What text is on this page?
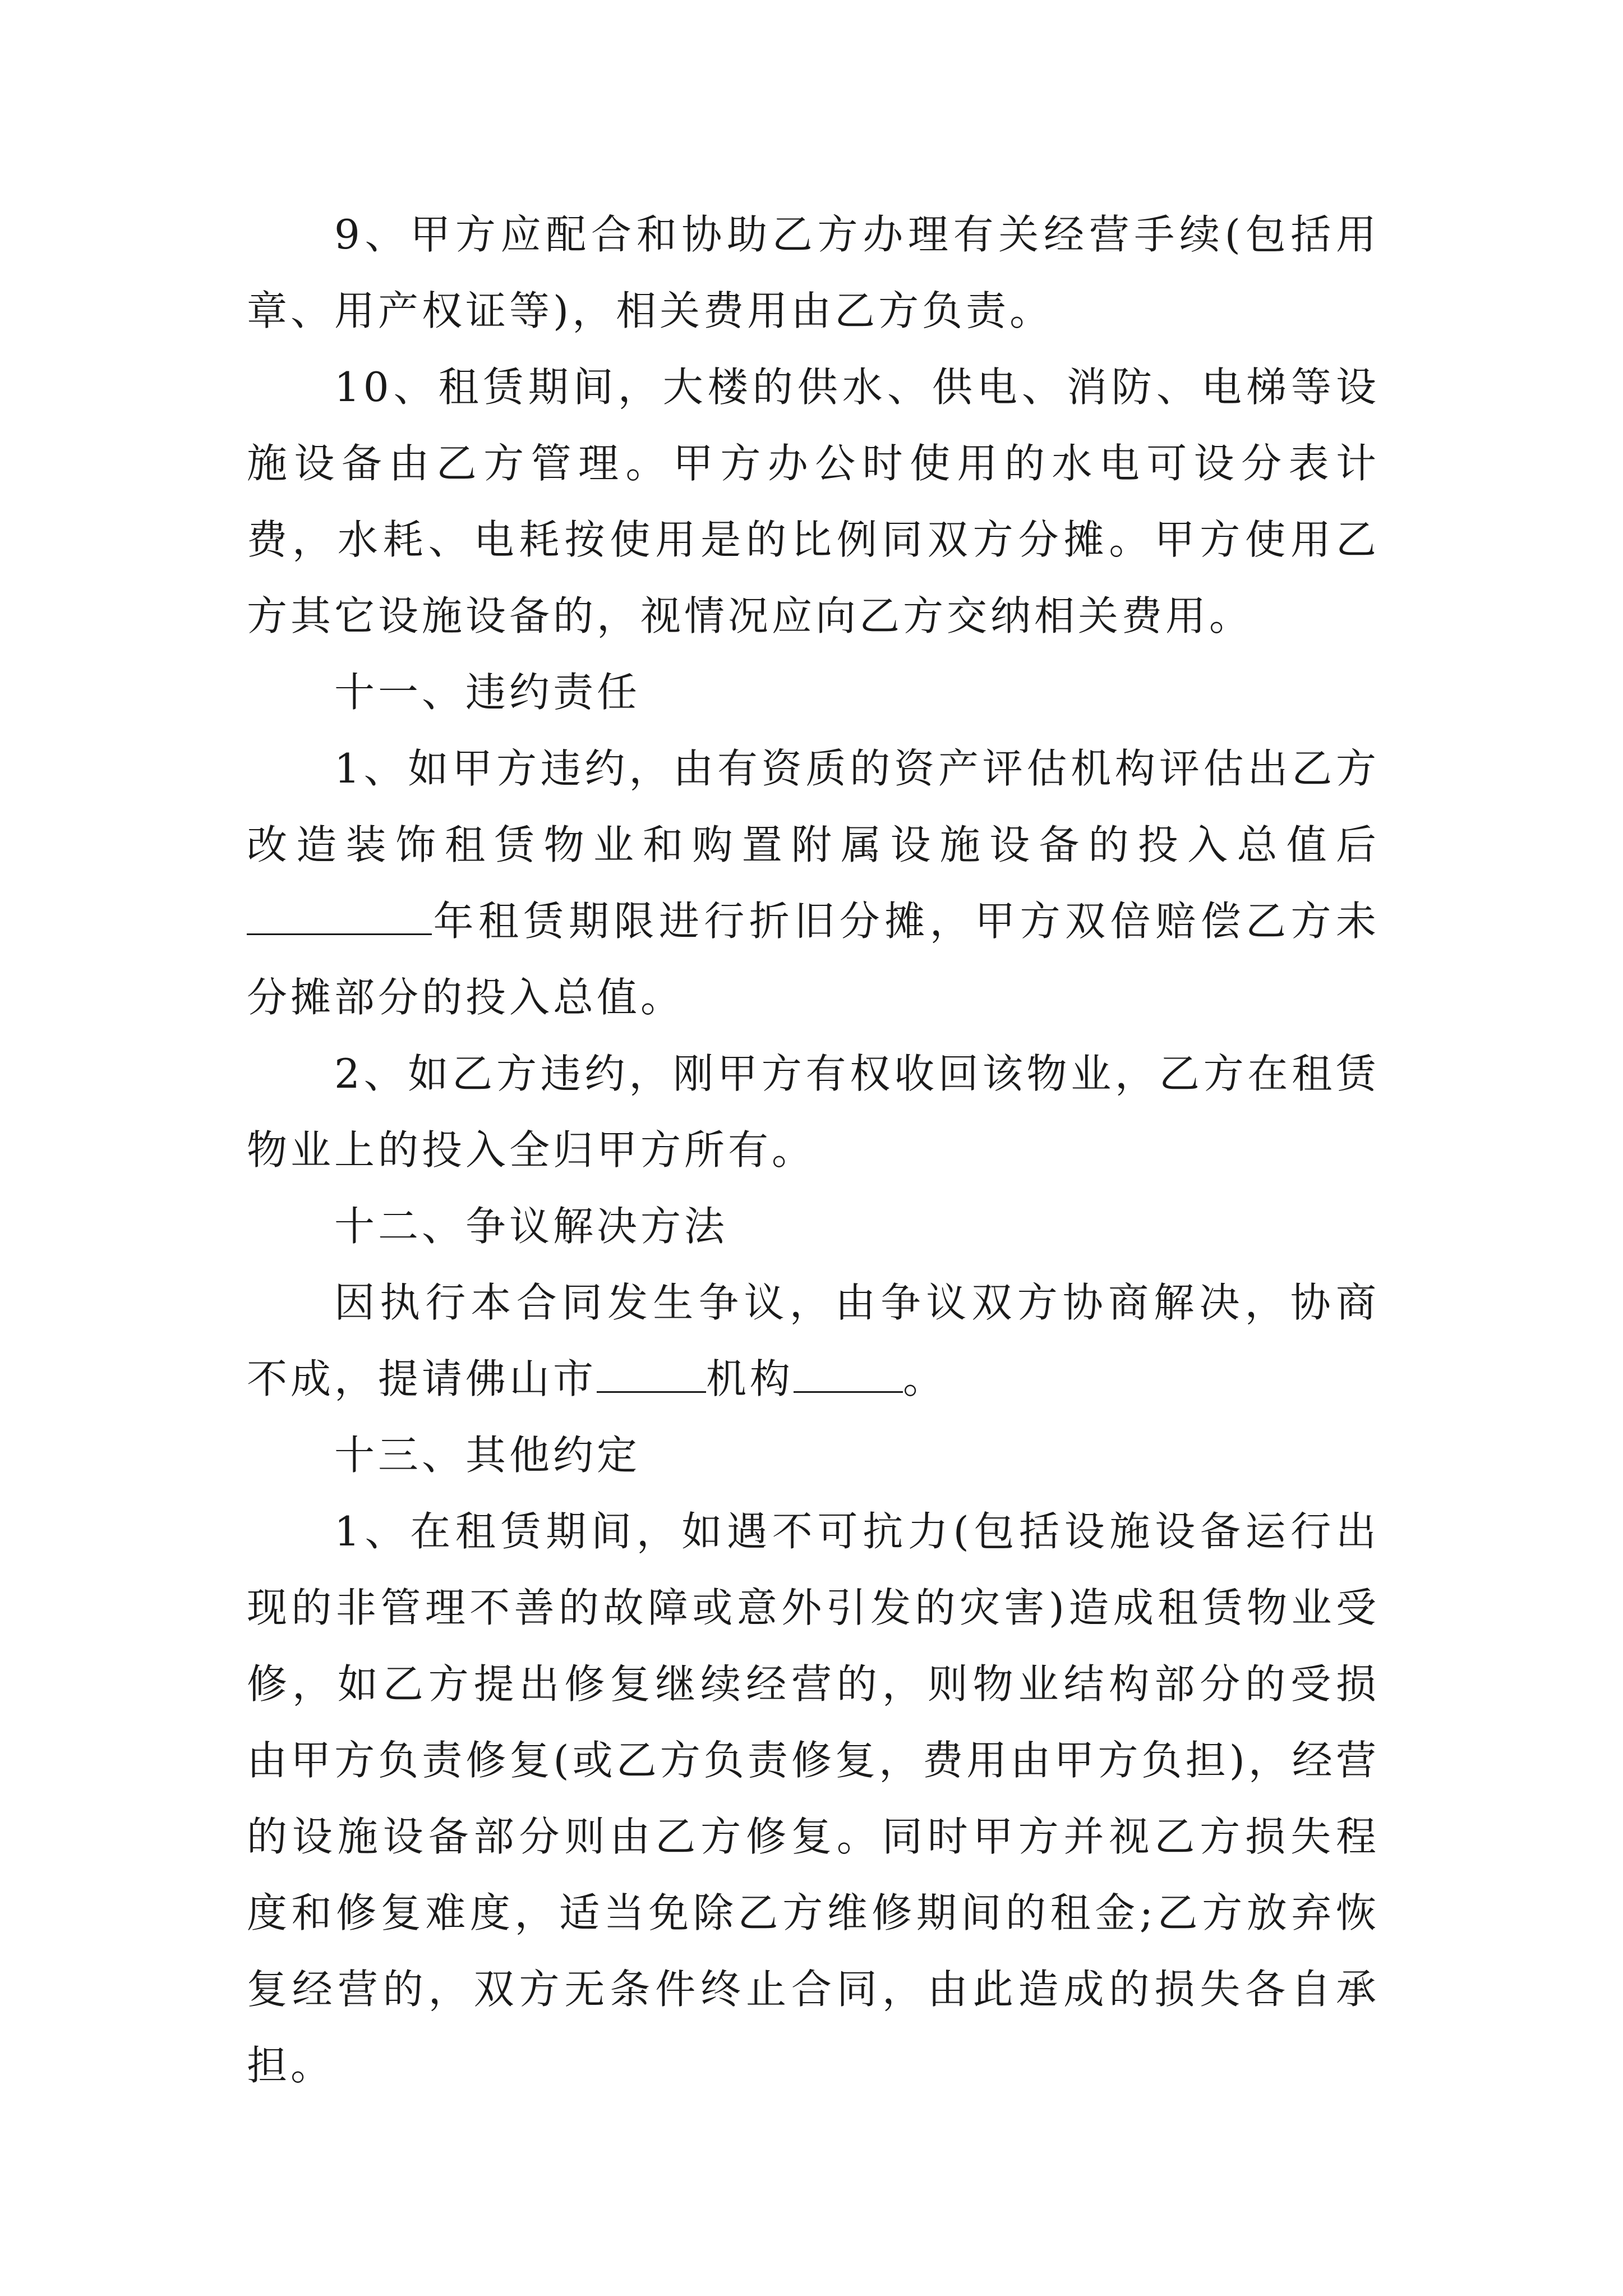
9、甲方应配合和协助乙方办理有关经营手续(包括用章、用产权证等)，相关费用由乙方负责。

10、租赁期间，大楼的供水、供电、消防、电梯等设施设备由乙方管理。甲方办公时使用的水电可设分表计费，水耗、电耗按使用是的比例同双方分摊。甲方使用乙方其它设施设备的，视情况应向乙方交纳相关费用。

十一、违约责任

1、如甲方违约，由有资质的资产评估机构评估出乙方改造装饰租赁物业和购置附属设施设备的投入总值后年租赁期限进行折旧分摊，甲方双倍赔偿乙方未分摊部分的投入总值。

2、如乙方违约，刚甲方有权收回该物业，乙方在租赁物业上的投入全归甲方所有。

十二、争议解决方法

因执行本合同发生争议，由争议双方协商解决，协商不成，提请佛山市	机构	。

十三、其他约定

1、在租赁期间，如遇不可抗力(包括设施设备运行出现的非管理不善的故障或意外引发的灾害)造成租赁物业受修，如乙方提出修复继续经营的，则物业结构部分的受损由甲方负责修复(或乙方负责修复，费用由甲方负担)，经营的设施设备部分则由乙方修复。同时甲方并视乙方损失程度和修复难度，适当免除乙方维修期间的租金;乙方放弃恢复经营的，双方无条件终止合同，由此造成的损失各自承担。
